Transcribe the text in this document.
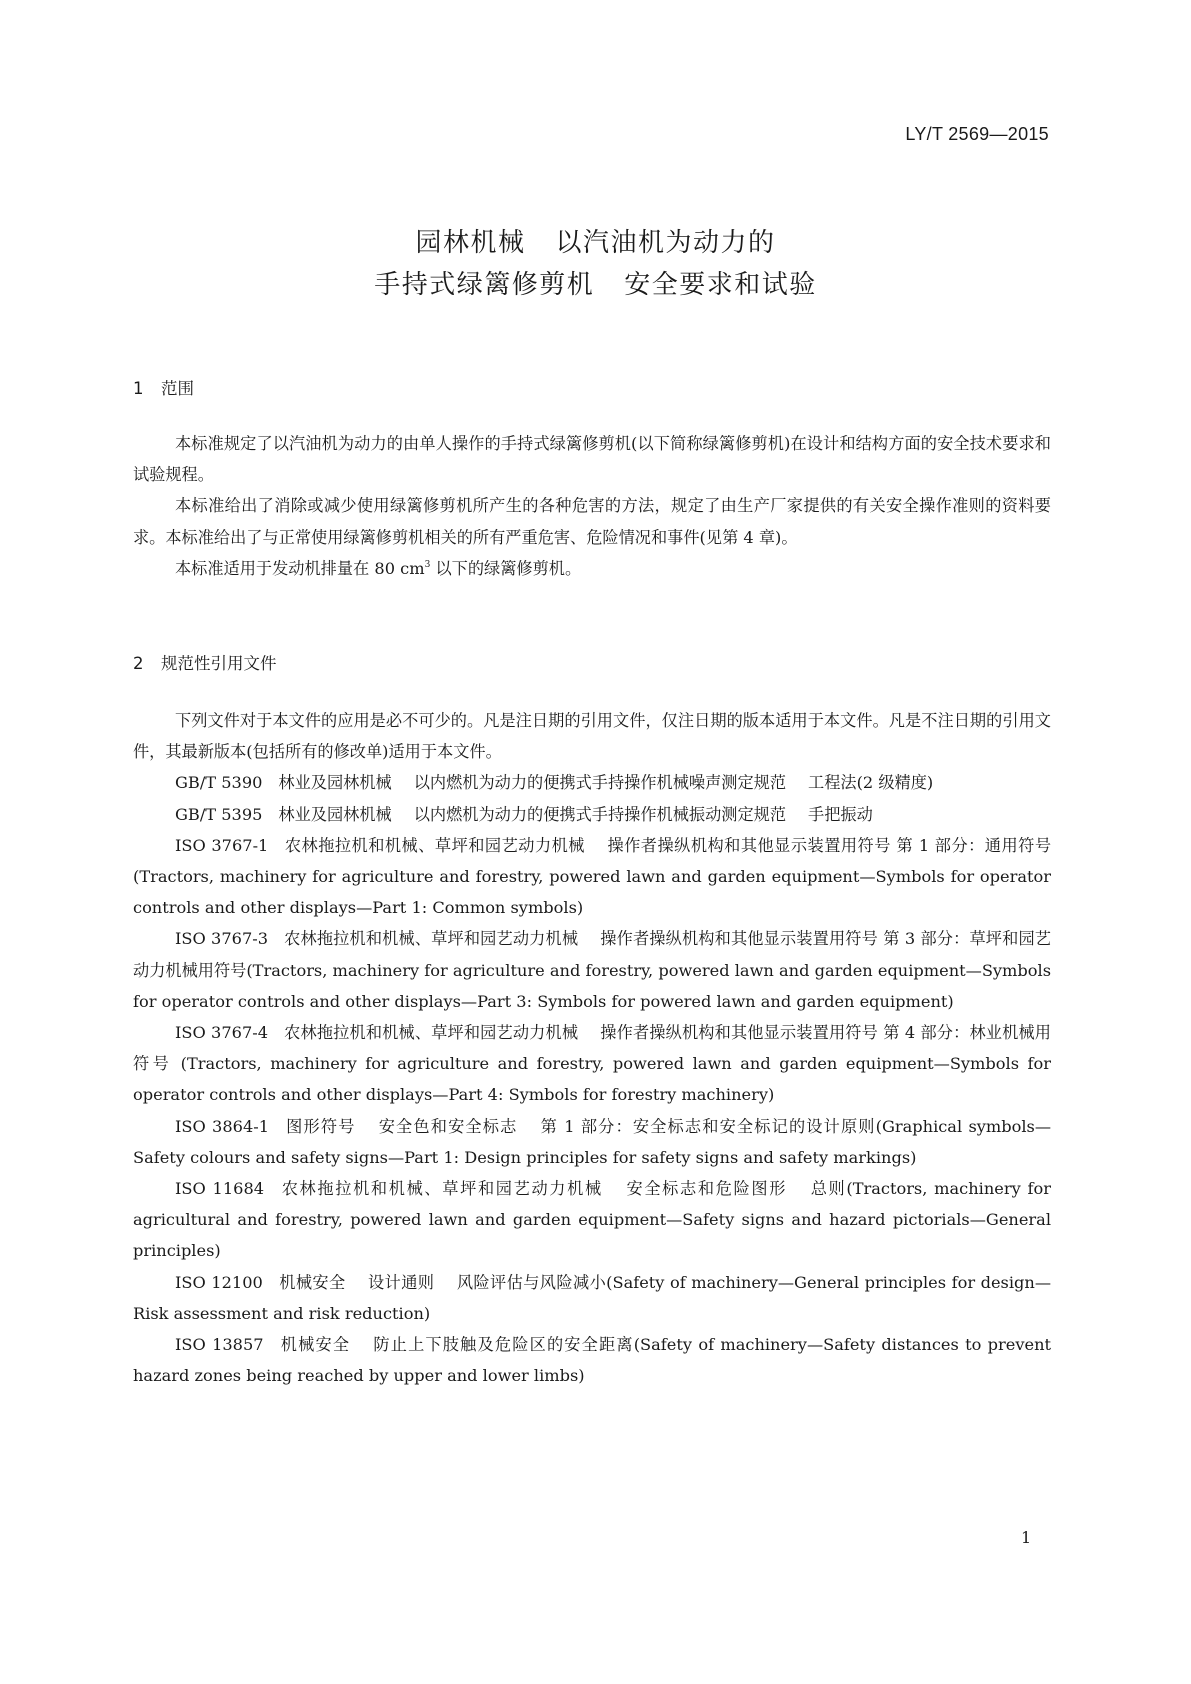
LY/T 2569—2015
园林机械 以汽油机为动力的
手持式绿篱修剪机 安全要求和试验
1 范围

本标准规定了以汽油机为动力的由单人操作的手持式绿篱修剪机(以下简称绿篱修剪机)在设计和结构方面的安全技术要求和试验规程。

本标准给出了消除或减少使用绿篱修剪机所产生的各种危害的方法，规定了由生产厂家提供的有关安全操作准则的资料要求。本标准给出了与正常使用绿篱修剪机相关的所有严重危害、危险情况和事件(见第 4 章)。

本标准适用于发动机排量在 80 $cm^3$ 以下的绿篱修剪机。

2 规范性引用文件

下列文件对于本文件的应用是必不可少的。凡是注日期的引用文件，仅注日期的版本适用于本文件。凡是不注日期的引用文件，其最新版本(包括所有的修改单)适用于本文件。

GB/T 5390 林业及园林机械 以内燃机为动力的便携式手持操作机械噪声测定规范 工程法(2 级精度)

GB/T 5395 林业及园林机械 以内燃机为动力的便携式手持操作机械振动测定规范 手把振动

ISO 3767-1 农林拖拉机和机械、草坪和园艺动力机械 操作者操纵机构和其他显示装置用符号 第 1 部分：通用符号(Tractors, machinery for agriculture and forestry, powered lawn and garden equipment—Symbols for operator controls and other displays—Part 1: Common symbols)

ISO 3767-3 农林拖拉机和机械、草坪和园艺动力机械 操作者操纵机构和其他显示装置用符号 第 3 部分：草坪和园艺动力机械用符号(Tractors, machinery for agriculture and forestry, powered lawn and garden equipment—Symbols for operator controls and other displays—Part 3: Symbols for powered lawn and garden equipment)

ISO 3767-4 农林拖拉机和机械、草坪和园艺动力机械 操作者操纵机构和其他显示装置用符号 第 4 部分：林业机械用符号 (Tractors, machinery for agriculture and forestry, powered lawn and garden equipment—Symbols for operator controls and other displays—Part 4: Symbols for forestry machinery)

ISO 3864-1 图形符号 安全色和安全标志 第 1 部分：安全标志和安全标记的设计原则(Graphical symbols—Safety colours and safety signs—Part 1: Design principles for safety signs and safety markings)

ISO 11684 农林拖拉机和机械、草坪和园艺动力机械 安全标志和危险图形 总则(Tractors, machinery for agricultural and forestry, powered lawn and garden equipment—Safety signs and hazard pictorials—General principles)

ISO 12100 机械安全 设计通则 风险评估与风险减小(Safety of machinery—General principles for design—Risk assessment and risk reduction)

ISO 13857 机械安全 防止上下肢触及危险区的安全距离(Safety of machinery—Safety distances to prevent hazard zones being reached by upper and lower limbs)

1
